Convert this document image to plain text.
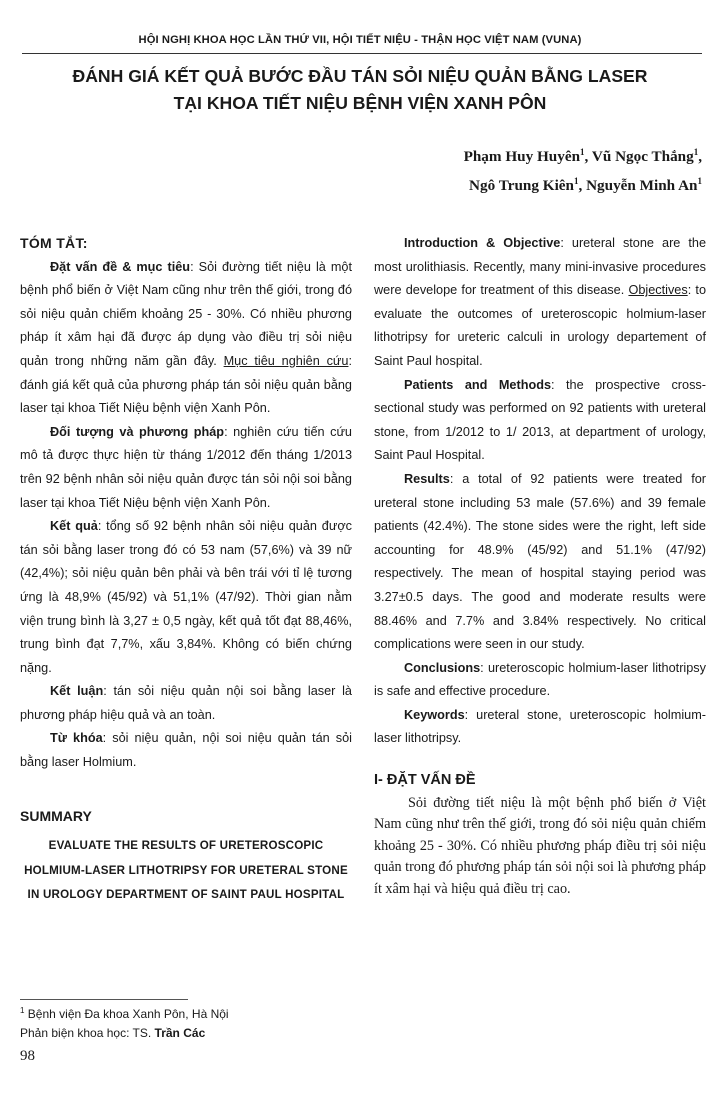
HỘI NGHỊ KHOA HỌC LẦN THỨ VII, HỘI TIẾT NIỆU - THẬN HỌC VIỆT NAM (VUNA)
ĐÁNH GIÁ KẾT QUẢ BƯỚC ĐẦU TÁN SỎI NIỆU QUẢN BẰNG LASER
TẠI KHOA TIẾT NIỆU BỆNH VIỆN XANH PÔN
Phạm Huy Huyên$^1$, Vũ Ngọc Thắng$^1$,
Ngô Trung Kiên$^1$, Nguyễn Minh An$^1$
TÓM TẮT:

Đặt vấn đề & mục tiêu: Sỏi đường tiết niệu là một bệnh phổ biến ở Việt Nam cũng như trên thế giới, trong đó sỏi niệu quản chiếm khoảng 25 - 30%. Có nhiều phương pháp ít xâm hại đã được áp dụng vào điều trị sỏi niệu quản trong những năm gần đây. Mục tiêu nghiên cứu: đánh giá kết quả của phương pháp tán sỏi niệu quản bằng laser tại khoa Tiết Niệu bệnh viện Xanh Pôn.

Đối tượng và phương pháp: nghiên cứu tiến cứu mô tả được thực hiện từ tháng 1/2012 đến tháng 1/2013 trên 92 bệnh nhân sỏi niệu quản được tán sỏi nội soi bằng laser tại khoa Tiết Niệu bệnh viện Xanh Pôn.

Kết quả: tổng số 92 bệnh nhân sỏi niệu quản được tán sỏi bằng laser trong đó có 53 nam (57,6%) và 39 nữ (42,4%); sỏi niệu quản bên phải và bên trái với tỉ lệ tương ứng là 48,9% (45/92) và 51,1% (47/92). Thời gian nằm viện trung bình là 3,27 ± 0,5 ngày, kết quả tốt đạt 88,46%, trung bình đạt 7,7%, xấu 3,84%. Không có biến chứng nặng.

Kết luận: tán sỏi niệu quản nội soi bằng laser là phương pháp hiệu quả và an toàn.

Từ khóa: sỏi niệu quản, nội soi niệu quản tán sỏi bằng laser Holmium.

SUMMARY
EVALUATE THE RESULTS OF URETEROSCOPIC HOLMIUM-LASER LITHOTRIPSY FOR URETERAL STONE IN UROLOGY DEPARTMENT OF SAINT PAUL HOSPITAL

Introduction & Objective: ureteral stone are the most urolithiasis. Recently, many mini-invasive procedures were develope for treatment of this disease. Objectives: to evaluate the outcomes of ureteroscopic holmium-laser lithotripsy for ureteric calculi in urology departement of Saint Paul hospital.

Patients and Methods: the prospective cross-sectional study was performed on 92 patients with ureteral stone, from 1/2012 to 1/ 2013, at department of urology, Saint Paul Hospital.

Results: a total of 92 patients were treated for ureteral stone including 53 male (57.6%) and 39 female patients (42.4%). The stone sides were the right, left side accounting for 48.9% (45/92) and 51.1% (47/92) respectively. The mean of hospital staying period was 3.27±0.5 days. The good and moderate results were 88.46% and 7.7% and 3.84% respectively. No critical complications were seen in our study.

Conclusions: ureteroscopic holmium-laser lithotripsy is safe and effective procedure.

Keywords: ureteral stone, ureteroscopic holmium-laser lithotripsy.

I- ĐẶT VẤN ĐỀ

Sỏi đường tiết niệu là một bệnh phổ biến ở Việt Nam cũng như trên thế giới, trong đó sỏi niệu quản chiếm khoảng 25 - 30%. Có nhiều phương pháp điều trị sỏi niệu quản trong đó phương pháp tán sỏi nội soi là phương pháp ít xâm hại và hiệu quả điều trị cao.

$^1$ Bệnh viện Đa khoa Xanh Pôn, Hà Nội
Phản biện khoa học: TS. Trần Các
98
